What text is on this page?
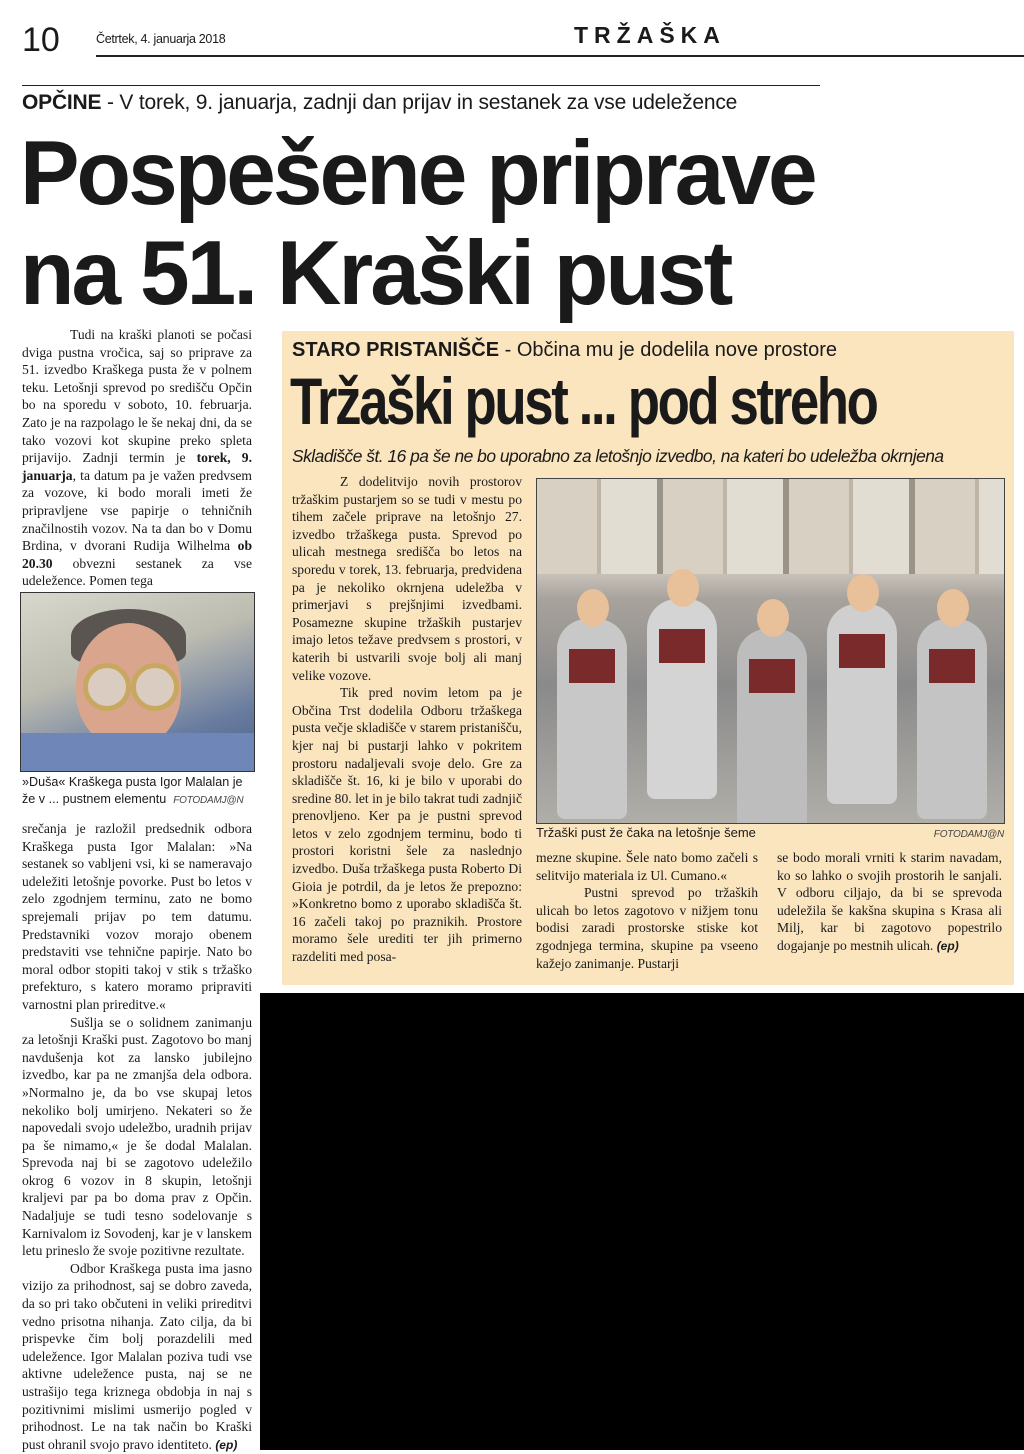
10	Četrtek, 4. januarja 2018	TRŽAŠKA
OPČINE - V torek, 9. januarja, zadnji dan prijav in sestanek za vse udeležence
Pospešene priprave
na 51. Kraški pust

Tudi na kraški planoti se počasi dviga pustna vročica, saj so priprave za 51. izvedbo Kraškega pusta že v polnem teku. Letošnji sprevod po središču Opčin bo na sporedu v soboto, 10. februarja. Zato je na razpolago le še nekaj dni, da se tako vozovi kot skupine preko spleta prijavijo. Zadnji termin je torek, 9. januarja, ta datum pa je važen predvsem za vozove, ki bodo morali imeti že pripravljene vse papirje o tehničnih značilnostih vozov. Na ta dan bo v Domu Brdina, v dvorani Rudija Wilhelma ob 20.30 obvezni sestanek za vse udeležence. Pomen tega

»Duša« Kraškega pusta Igor Malalan je že v ... pustnem elementu FOTODAMJ@N

srečanja je razložil predsednik odbora Kraškega pusta Igor Malalan: »Na sestanek so vabljeni vsi, ki se nameravajo udeležiti letošnje povorke. Pust bo letos v zelo zgodnjem terminu, zato ne bomo sprejemali prijav po tem datumu. Predstavniki vozov morajo obenem predstaviti vse tehnične papirje. Nato bo moral odbor stopiti takoj v stik s tržaško prefekturo, s katero moramo pripraviti varnostni plan prireditve.«

Sušlja se o solidnem zanimanju za letošnji Kraški pust. Zagotovo bo manj navdušenja kot za lansko jubilejno izvedbo, kar pa ne zmanjša dela odbora. »Normalno je, da bo vse skupaj letos nekoliko bolj umirjeno. Nekateri so že napovedali svojo udeležbo, uradnih prijav pa še nimamo,« je še dodal Malalan. Sprevoda naj bi se zagotovo udeležilo okrog 6 vozov in 8 skupin, letošnji kraljevi par pa bo doma prav z Opčin. Nadaljuje se tudi tesno sodelovanje s Karnivalom iz Sovodenj, kar je v lanskem letu prineslo že svoje pozitivne rezultate.

Odbor Kraškega pusta ima jasno vizijo za prihodnost, saj se dobro zaveda, da so pri tako občuteni in veliki prireditvi vedno prisotna nihanja. Zato cilja, da bi prispevke čim bolj porazdelili med udeležence. Igor Malalan poziva tudi vse aktivne udeležence pusta, naj se ne ustrašijo tega kriznega obdobja in naj s pozitivnimi mislimi usmerijo pogled v prihodnost. Le na tak način bo Kraški pust ohranil svojo pravo identiteto. (ep)

STARO PRISTANIŠČE - Občina mu je dodelila nove prostore
Tržaški pust ... pod streho
Skladišče št. 16 pa še ne bo uporabno za letošnjo izvedbo, na kateri bo udeležba okrnjena

Z dodelitvijo novih prostorov tržaškim pustarjem so se tudi v mestu po tihem začele priprave na letošnjo 27. izvedbo tržaškega pusta. Sprevod po ulicah mestnega središča bo letos na sporedu v torek, 13. februarja, predvidena pa je nekoliko okrnjena udeležba v primerjavi s prejšnjimi izvedbami. Posamezne skupine tržaških pustarjev imajo letos težave predvsem s prostori, v katerih bi ustvarili svoje bolj ali manj velike vozove.

Tik pred novim letom pa je Občina Trst dodelila Odboru tržaškega pusta večje skladišče v starem pristanišču, kjer naj bi pustarji lahko v pokritem prostoru nadaljevali svoje delo. Gre za skladišče št. 16, ki je bilo v uporabi do sredine 80. let in je bilo takrat tudi zadnjič prenovljeno. Ker pa je pustni sprevod letos v zelo zgodnjem terminu, bodo ti prostori koristni šele za naslednjo izvedbo. Duša tržaškega pusta Roberto Di Gioia je potrdil, da je letos že prepozno: »Konkretno bomo z uporabo skladišča št. 16 začeli takoj po praznikih. Prostore moramo šele urediti ter jih primerno razdeliti med posa-

Tržaški pust že čaka na letošnje šeme	FOTODAMJ@N

mezne skupine. Šele nato bomo začeli s selitvijo materiala iz Ul. Cumano.«

Pustni sprevod po tržaških ulicah bo letos zagotovo v nižjem tonu bodisi zaradi prostorske stiske kot zgodnjega termina, skupine pa vseeno kažejo zanimanje. Pustarji

se bodo morali vrniti k starim navadam, ko so lahko o svojih prostorih le sanjali. V odboru ciljajo, da bi se sprevoda udeležila še kakšna skupina s Krasa ali Milj, kar bi zagotovo popestrilo dogajanje po mestnih ulicah. (ep)
